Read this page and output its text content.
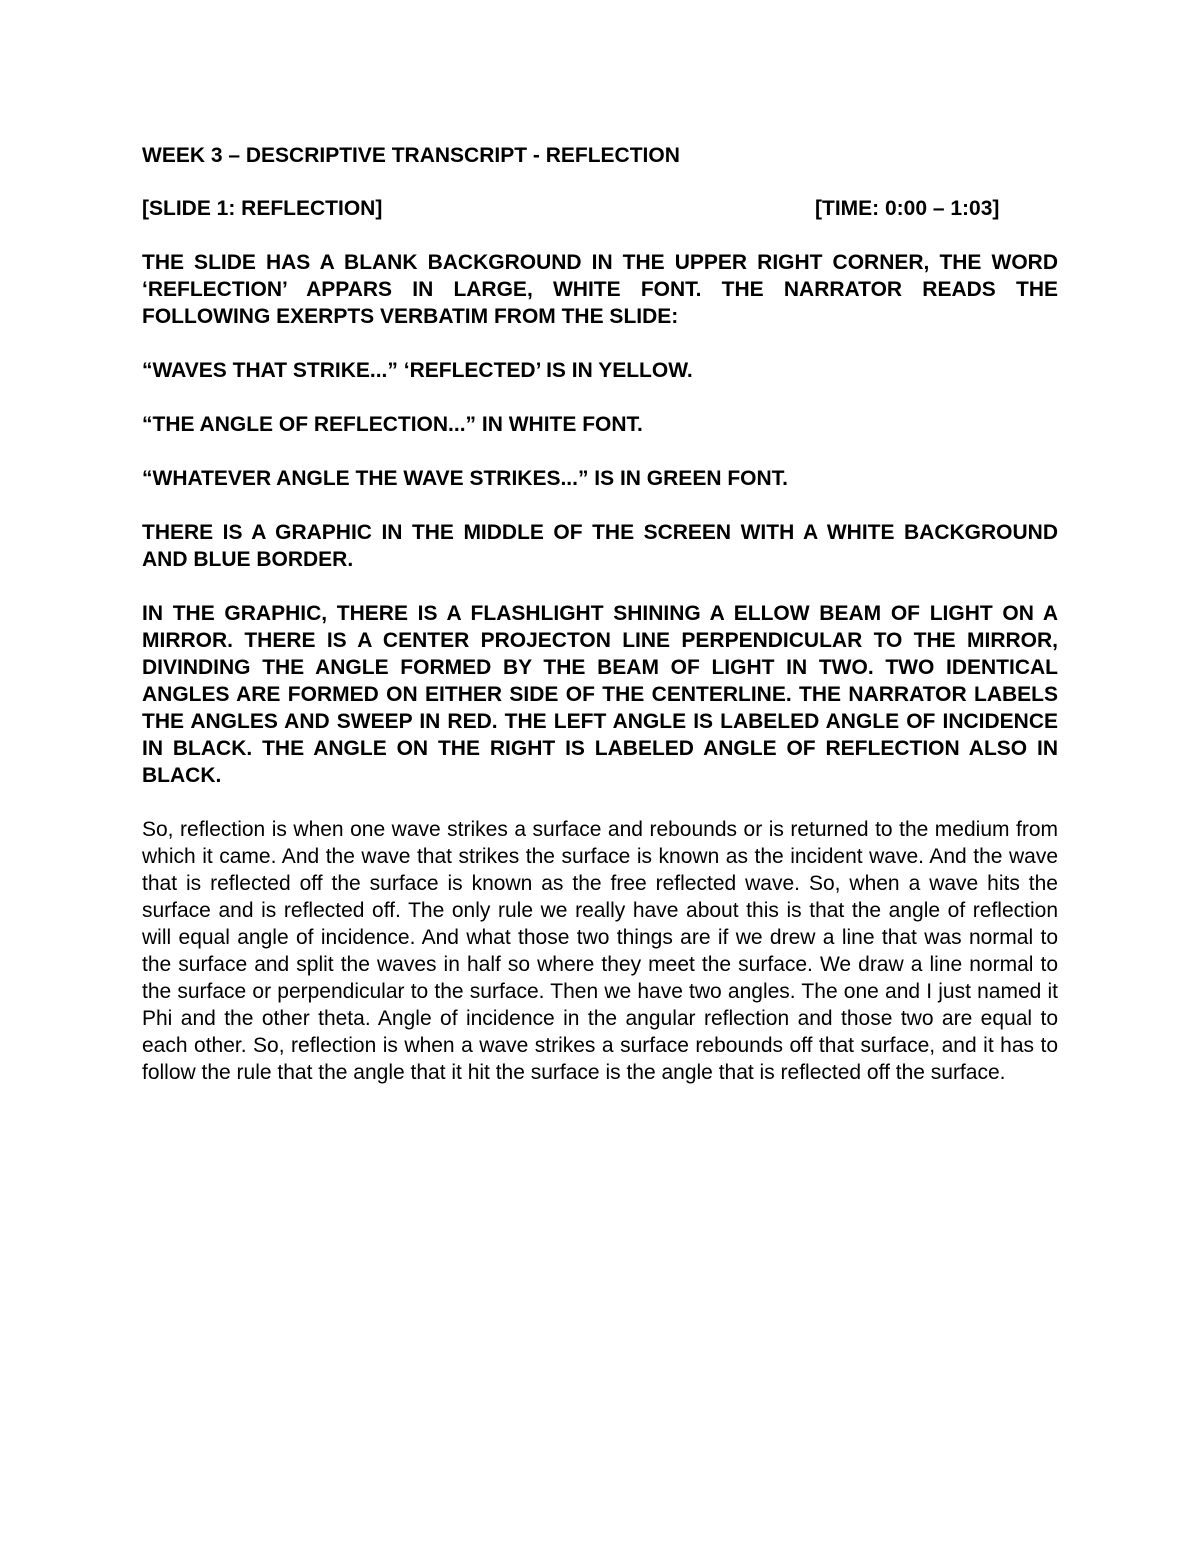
WEEK 3 – DESCRIPTIVE TRANSCRIPT - REFLECTION
[SLIDE 1: REFLECTION]	[TIME: 0:00 – 1:03]

THE SLIDE HAS A BLANK BACKGROUND IN THE UPPER RIGHT CORNER, THE WORD ‘REFLECTION’ APPARS IN LARGE, WHITE FONT. THE NARRATOR READS THE FOLLOWING EXERPTS VERBATIM FROM THE SLIDE:

“WAVES THAT STRIKE...” ‘REFLECTED’ IS IN YELLOW.

“THE ANGLE OF REFLECTION...” IN WHITE FONT.

“WHATEVER ANGLE THE WAVE STRIKES...” IS IN GREEN FONT.

THERE IS A GRAPHIC IN THE MIDDLE OF THE SCREEN WITH A WHITE BACKGROUND AND BLUE BORDER.

IN THE GRAPHIC, THERE IS A FLASHLIGHT SHINING A ELLOW BEAM OF LIGHT ON A MIRROR. THERE IS A CENTER PROJECTON LINE PERPENDICULAR TO THE MIRROR, DIVINDING THE ANGLE FORMED BY THE BEAM OF LIGHT IN TWO. TWO IDENTICAL ANGLES ARE FORMED ON EITHER SIDE OF THE CENTERLINE. THE NARRATOR LABELS THE ANGLES AND SWEEP IN RED. THE LEFT ANGLE IS LABELED ANGLE OF INCIDENCE IN BLACK. THE ANGLE ON THE RIGHT IS LABELED ANGLE OF REFLECTION ALSO IN BLACK.

So, reflection is when one wave strikes a surface and rebounds or is returned to the medium from which it came. And the wave that strikes the surface is known as the incident wave. And the wave that is reflected off the surface is known as the free reflected wave. So, when a wave hits the surface and is reflected off. The only rule we really have about this is that the angle of reflection will equal angle of incidence. And what those two things are if we drew a line that was normal to the surface and split the waves in half so where they meet the surface. We draw a line normal to the surface or perpendicular to the surface. Then we have two angles. The one and I just named it Phi and the other theta. Angle of incidence in the angular reflection and those two are equal to each other. So, reflection is when a wave strikes a surface rebounds off that surface, and it has to follow the rule that the angle that it hit the surface is the angle that is reflected off the surface.
